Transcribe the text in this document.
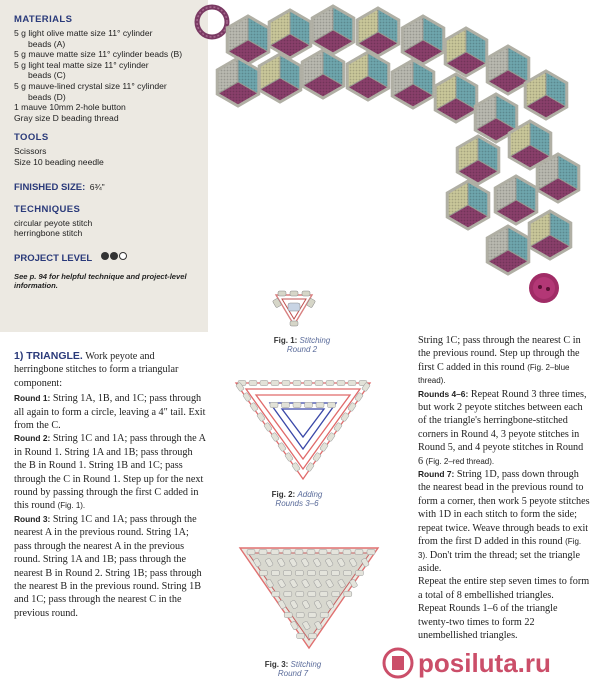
MATERIALS
5 g light olive matte size 11° cylinder
beads (A)
5 g mauve matte size 11° cylinder beads (B)
5 g light teal matte size 11° cylinder
beads (C)
5 g mauve-lined crystal size 11° cylinder
beads (D)
1 mauve 10mm 2-hole button
Gray size D beading thread
TOOLS
Scissors
Size 10 beading needle
FINISHED SIZE: 6¾"
TECHNIQUES
circular peyote stitch
herringbone stitch
PROJECT LEVEL
See p. 94 for helpful technique and project-level information.
1) TRIANGLE. Work peyote and herringbone stitches to form a triangular component:
Round 1: String 1A, 1B, and 1C; pass through all again to form a circle, leaving a 4" tail. Exit from the C.
Round 2: String 1C and 1A; pass through the A in Round 1. String 1A and 1B; pass through the B in Round 1. String 1B and 1C; pass through the C in Round 1. Step up for the next round by passing through the first C added in this round (Fig. 1).
Round 3: String 1C and 1A; pass through the nearest A in the previous round. String 1A; pass through the nearest A in the previous round. String 1A and 1B; pass through the nearest B in Round 2. String 1B; pass through the nearest B in the previous round. String 1B and 1C; pass through the nearest C in the previous round.
String 1C; pass through the nearest C in the previous round. Step up through the first C added in this round (Fig. 2–blue thread).
Rounds 4–6: Repeat Round 3 three times, but work 2 peyote stitches between each of the triangle's herringbone-stitched corners in Round 4, 3 peyote stitches in Round 5, and 4 peyote stitches in Round 6 (Fig. 2–red thread).
Round 7: String 1D, pass down through the nearest bead in the previous round to form a corner, then work 5 peyote stitches with 1D in each stitch to form the side; repeat twice. Weave through beads to exit from the first D added in this round (Fig. 3). Don't trim the thread; set the triangle aside.
Repeat the entire step seven times to form a total of 8 embellished triangles.
Repeat Rounds 1–6 of the triangle twenty-two times to form 22 unembellished triangles.
Fig. 1: Stitching
Round 2
Fig. 2: Adding
Rounds 3–6
Fig. 3: Stitching
Round 7	posiluta.ru
